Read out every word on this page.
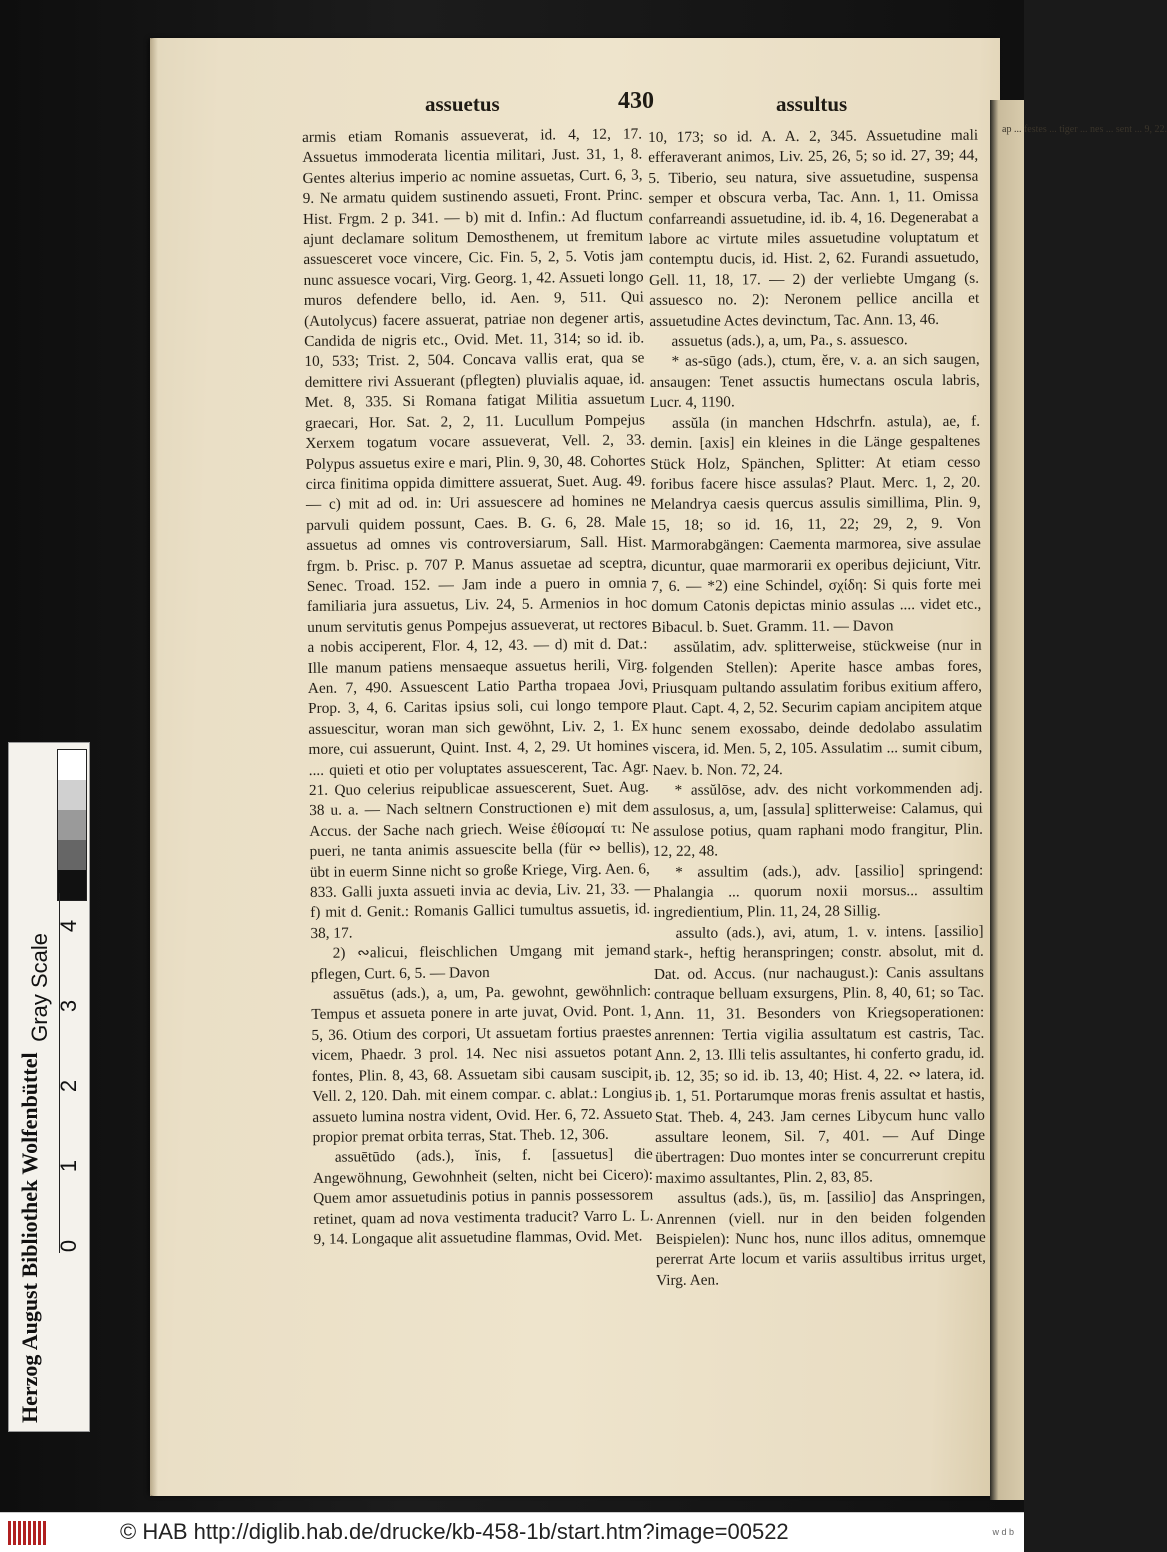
ap ... festes ... tiger ... nes ... sent ... 9, 22.
assuetus	430	assultus

armis etiam Romanis assueverat, id. 4, 12, 17. Assuetus immoderata licentia militari, Just. 31, 1, 8. Gentes alterius imperio ac nomine assuetas, Curt. 6, 3, 9. Ne armatu quidem sustinendo assueti, Front. Princ. Hist. Frgm. 2 p. 341. — b) mit d. Infin.: Ad fluctum ajunt declamare solitum Demosthenem, ut fremitum assuesceret voce vincere, Cic. Fin. 5, 2, 5. Votis jam nunc assuesce vocari, Virg. Georg. 1, 42. Assueti longo muros defendere bello, id. Aen. 9, 511. Qui (Autolycus) facere assuerat, patriae non degener artis, Candida de nigris etc., Ovid. Met. 11, 314; so id. ib. 10, 533; Trist. 2, 504. Concava vallis erat, qua se demittere rivi Assuerant (pflegten) pluvialis aquae, id. Met. 8, 335. Si Romana fatigat Militia assuetum graecari, Hor. Sat. 2, 2, 11. Lucullum Pompejus Xerxem togatum vocare assueverat, Vell. 2, 33. Polypus assuetus exire e mari, Plin. 9, 30, 48. Cohortes circa finitima oppida dimittere assuerat, Suet. Aug. 49. — c) mit ad od. in: Uri assuescere ad homines ne parvuli quidem possunt, Caes. B. G. 6, 28. Male assuetus ad omnes vis controversiarum, Sall. Hist. frgm. b. Prisc. p. 707 P. Manus assuetae ad sceptra, Senec. Troad. 152. — Jam inde a puero in omnia familiaria jura assuetus, Liv. 24, 5. Armenios in hoc unum servitutis genus Pompejus assueverat, ut rectores a nobis acciperent, Flor. 4, 12, 43. — d) mit d. Dat.: Ille manum patiens mensaeque assuetus herili, Virg. Aen. 7, 490. Assuescent Latio Partha tropaea Jovi, Prop. 3, 4, 6. Caritas ipsius soli, cui longo tempore assuescitur, woran man sich gewöhnt, Liv. 2, 1. Ex more, cui assuerunt, Quint. Inst. 4, 2, 29. Ut homines .... quieti et otio per voluptates assuescerent, Tac. Agr. 21. Quo celerius reipublicae assuescerent, Suet. Aug. 38 u. a. — Nach seltnern Constructionen e) mit dem Accus. der Sache nach griech. Weise ἐθίσομαί τι: Ne pueri, ne tanta animis assuescite bella (für ∾ bellis), übt in euerm Sinne nicht so große Kriege, Virg. Aen. 6, 833. Galli juxta assueti invia ac devia, Liv. 21, 33. — f) mit d. Genit.: Romanis Gallici tumultus assuetis, id. 38, 17.

2) ∾alicui, fleischlichen Umgang mit jemand pflegen, Curt. 6, 5. — Davon

assuētus (ads.), a, um, Pa. gewohnt, gewöhnlich: Tempus et assueta ponere in arte juvat, Ovid. Pont. 1, 5, 36. Otium des corpori, Ut assuetam fortius praestes vicem, Phaedr. 3 prol. 14. Nec nisi assuetos potant fontes, Plin. 8, 43, 68. Assuetam sibi causam suscipit, Vell. 2, 120. Dah. mit einem compar. c. ablat.: Longius assueto lumina nostra vident, Ovid. Her. 6, 72. Assueto propior premat orbita terras, Stat. Theb. 12, 306.

assuētūdo (ads.), ĭnis, f. [assuetus] die Angewöhnung, Gewohnheit (selten, nicht bei Cicero): Quem amor assuetudinis potius in pannis possessorem retinet, quam ad nova vestimenta traducit? Varro L. L. 9, 14. Longaque alit assuetudine flammas, Ovid. Met.

10, 173; so id. A. A. 2, 345. Assuetudine mali efferaverant animos, Liv. 25, 26, 5; so id. 27, 39; 44, 5. Tiberio, seu natura, sive assuetudine, suspensa semper et obscura verba, Tac. Ann. 1, 11. Omissa confarreandi assuetudine, id. ib. 4, 16. Degenerabat a labore ac virtute miles assuetudine voluptatum et contemptu ducis, id. Hist. 2, 62. Furandi assuetudo, Gell. 11, 18, 17. — 2) der verliebte Umgang (s. assuesco no. 2): Neronem pellice ancilla et assuetudine Actes devinctum, Tac. Ann. 13, 46.

assuetus (ads.), a, um, Pa., s. assuesco.

* as-sūgo (ads.), ctum, ĕre, v. a. an sich saugen, ansaugen: Tenet assuctis humectans oscula labris, Lucr. 4, 1190.

assŭla (in manchen Hdschrfn. astula), ae, f. demin. [axis] ein kleines in die Länge gespaltenes Stück Holz, Spänchen, Splitter: At etiam cesso foribus facere hisce assulas? Plaut. Merc. 1, 2, 20. Melandrya caesis quercus assulis simillima, Plin. 9, 15, 18; so id. 16, 11, 22; 29, 2, 9. Von Marmorabgängen: Caementa marmorea, sive assulae dicuntur, quae marmorarii ex operibus dejiciunt, Vitr. 7, 6. — *2) eine Schindel, σχίδη: Si quis forte mei domum Catonis depictas minio assulas .... videt etc., Bibacul. b. Suet. Gramm. 11. — Davon

assŭlatim, adv. splitterweise, stückweise (nur in folgenden Stellen): Aperite hasce ambas fores, Priusquam pultando assulatim foribus exitium affero, Plaut. Capt. 4, 2, 52. Securim capiam ancipitem atque hunc senem exossabo, deinde dedolabo assulatim viscera, id. Men. 5, 2, 105. Assulatim ... sumit cibum, Naev. b. Non. 72, 24.

* assŭlōse, adv. des nicht vorkommenden adj. assulosus, a, um, [assula] splitterweise: Calamus, qui assulose potius, quam raphani modo frangitur, Plin. 12, 22, 48.

* assultim (ads.), adv. [assilio] springend: Phalangia ... quorum noxii morsus... assultim ingredientium, Plin. 11, 24, 28 Sillig.

assulto (ads.), avi, atum, 1. v. intens. [assilio] stark-, heftig heranspringen; constr. absolut, mit d. Dat. od. Accus. (nur nachaugust.): Canis assultans contraque belluam exsurgens, Plin. 8, 40, 61; so Tac. Ann. 11, 31. Besonders von Kriegsoperationen: anrennen: Tertia vigilia assultatum est castris, Tac. Ann. 2, 13. Illi telis assultantes, hi conferto gradu, id. ib. 12, 35; so id. ib. 13, 40; Hist. 4, 22. ∾ latera, id. ib. 1, 51. Portarumque moras frenis assultat et hastis, Stat. Theb. 4, 243. Jam cernes Libycum hunc vallo assultare leonem, Sil. 7, 401. — Auf Dinge übertragen: Duo montes inter se concurrerunt crepitu maximo assultantes, Plin. 2, 83, 85.

assultus (ads.), ūs, m. [assilio] das Anspringen, Anrennen (viell. nur in den beiden folgenden Beispielen): Nunc hos, nunc illos aditus, omnemque pererrat Arte locum et variis assultibus irritus urget, Virg. Aen.

Gray Scale
4
3
2
1
0
Herzog August Bibliothek Wolfenbüttel
© HAB http://diglib.hab.de/drucke/kb-458-1b/start.htm?image=00522	w d b
